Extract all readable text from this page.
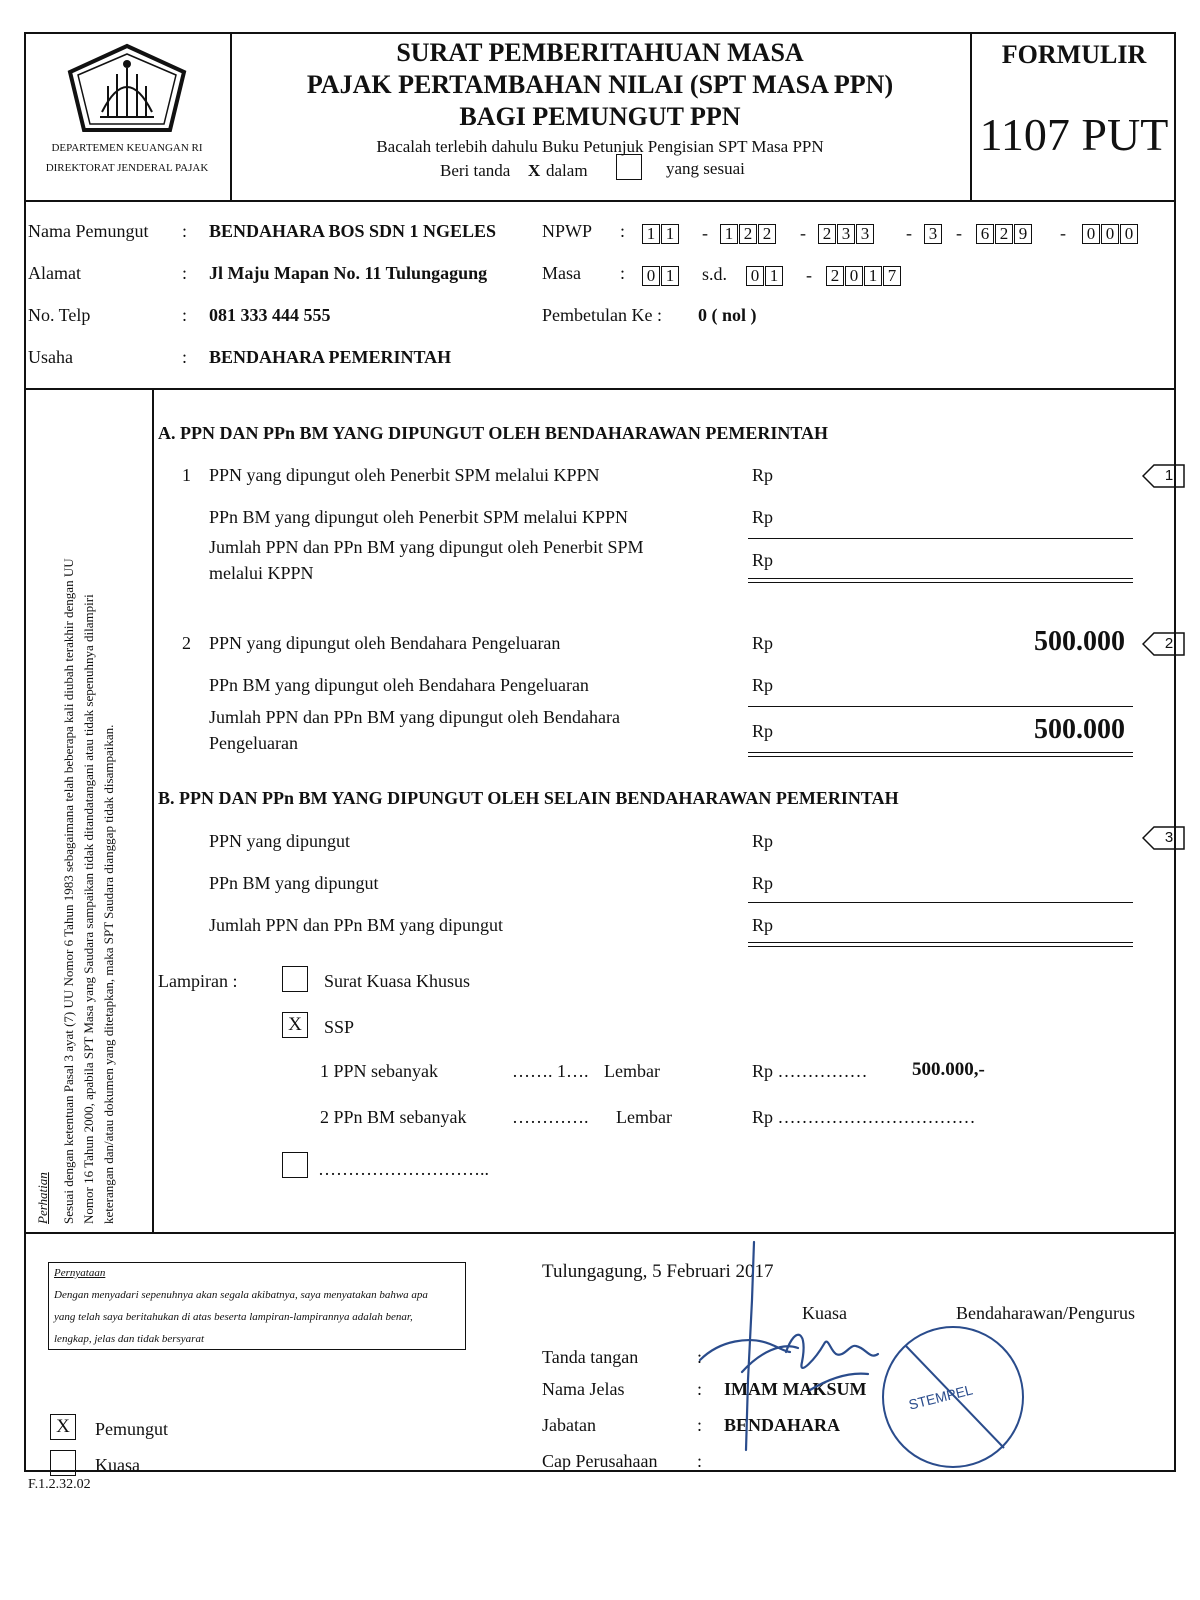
DEPARTEMEN KEUANGAN RI
DIREKTORAT JENDERAL PAJAK
SURAT PEMBERITAHUAN MASA
PAJAK PERTAMBAHAN NILAI (SPT MASA PPN)
BAGI PEMUNGUT PPN
Bacalah terlebih dahulu Buku Petunjuk Pengisian SPT Masa PPN
Beri tanda X dalam	yang sesuai
FORMULIR
1107 PUT
Nama Pemungut : BENDAHARA BOS SDN 1 NGELES
Alamat	: Jl Maju Mapan No. 11 Tulungagung
No. Telp	: 081 333 444 555
Usaha	: BENDAHARA PEMERINTAH
NPWP : 1 1 - 1 2 2 - 2 3 3 - 3 - 6 2 9 - 0 0 0
Masa : 0 1 s.d. 0 1 - 2 0 1 7
Pembetulan Ke : 0 ( nol )
Perhatian Sesuai dengan ketentuan Pasal 3 ayat (7) UU Nomor 6 Tahun 1983 sebagaimana telah beberapa kali diubah terakhir dengan UU Nomor 16 Tahun 2000, apabila SPT Masa yang Saudara sampaikan tidak ditandatangani atau tidak sepenuhnya dilampiri keterangan dan/atau dokumen yang ditetapkan, maka SPT Saudara dianggap tidak disampaikan.
A. PPN DAN PPn BM YANG DIPUNGUT OLEH BENDAHARAWAN PEMERINTAH
1 PPN yang dipungut oleh Penerbit SPM melalui KPPN	Rp	1
PPn BM yang dipungut oleh Penerbit SPM melalui KPPN	Rp
Jumlah PPN dan PPn BM yang dipungut oleh Penerbit SPM
melalui KPPN
Rp
2 PPN yang dipungut oleh Bendahara Pengeluaran	Rp	500.000	2
PPn BM yang dipungut oleh Bendahara Pengeluaran	Rp
Jumlah PPN dan PPn BM yang dipungut oleh Bendahara
Pengeluaran
Rp	500.000
B. PPN DAN PPn BM YANG DIPUNGUT OLEH SELAIN BENDAHARAWAN PEMERINTAH
PPN yang dipungut	Rp	3
PPn BM yang dipungut	Rp
Jumlah PPN dan PPn BM yang dipungut	Rp
Lampiran :	Surat Kuasa Khusus
X	SSP
1 PPN sebanyak	……. 1…. Lembar	Rp …………… 500.000,-
2 PPn BM sebanyak	…………. Lembar	Rp ……………………………
………………………..
Pernyataan
Dengan menyadari sepenuhnya akan segala akibatnya, saya menyatakan bahwa apa
yang telah saya beritahukan di atas beserta lampiran-lampirannya adalah benar,
lengkap, jelas dan tidak bersyarat
X	Pemungut
Kuasa
Tulungagung, 5 Februari 2017
Kuasa	Bendaharawan/Pengurus
Tanda tangan	:
Nama Jelas	: IMAM MAKSUM
Jabatan	: BENDAHARA
Cap Perusahaan :
STEMPEL
F.1.2.32.02
